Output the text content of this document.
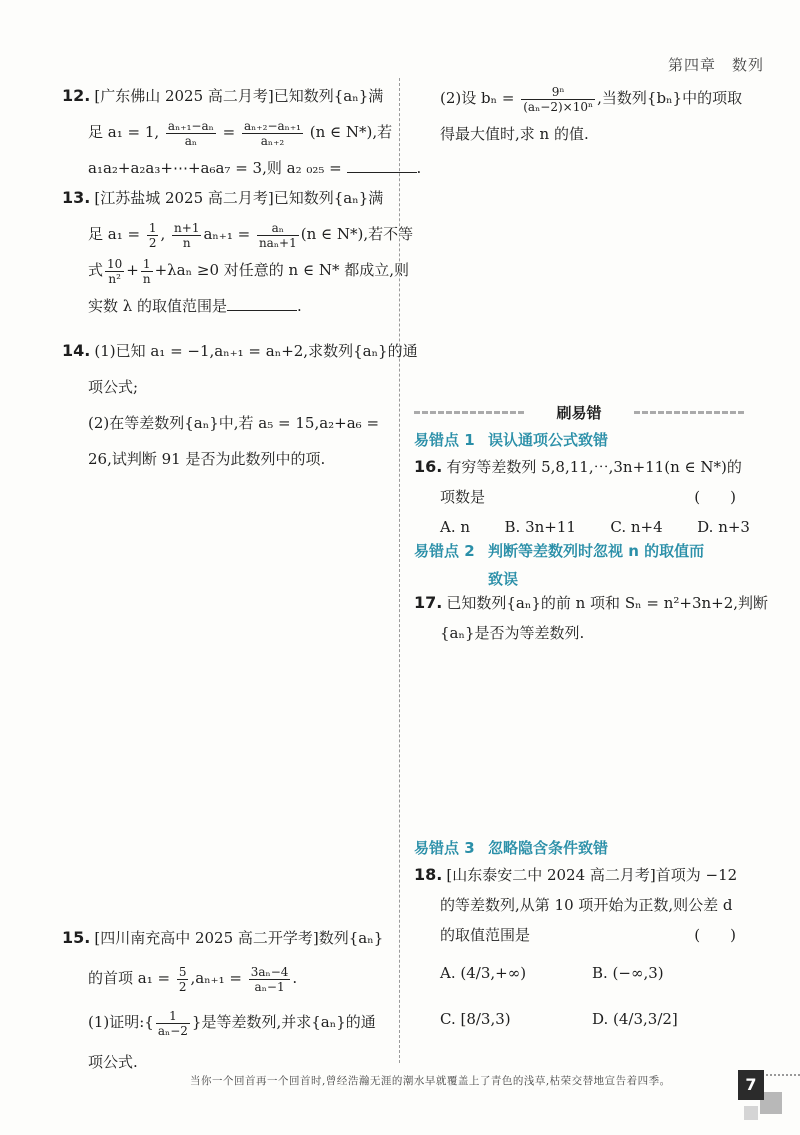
第四章　数列
12. [广东佛山 2025 高二月考]已知数列{aₙ}满
足 a₁ = 1, $\frac{\text{aₙ₊₁−aₙ}}{\text{aₙ}} = \frac{\text{aₙ₊₂−aₙ₊₁}}{\text{aₙ₊₂}} (n$ ∈ N*),若
a₁a₂+a₂a₃+⋯+a₆a₇ = 3,则 a₂ ₀₂₅ =	.
13. [江苏盐城 2025 高二月考]已知数列{aₙ}满
足 $a_1 = \frac{1}{2}$ , $\frac{n+1}{n} a_{n+1} = \frac{\text{aₙ}}{\text{naₙ+1}} (n$ ∈ N*),若不等
式 $\frac{10}{\text{n²}} + \frac{1}{n} +\lambda a_n \ge 0$ 对任意的 n ∈ N* 都成立,则
实数 λ 的取值范围是	.
14. (1)已知 a₁ = −1,aₙ₊₁ = aₙ+2,求数列{aₙ}的通
项公式;
(2)在等差数列{aₙ}中,若 a₅ = 15,a₂+a₆ =
26,试判断 91 是否为此数列中的项.
15. [四川南充高中 2025 高二开学考]数列{aₙ}
的首项 $a_1 = \frac{5}{2} ,a_{n+1} = \frac{\text{3aₙ−4}}{\text{aₙ−1}}$ .
(1)证明:{ $\frac{1}{\text{aₙ−2}}$ }是等差数列,并求{aₙ}的通
项公式.
(2)设 $b_n = \frac{\text{9ⁿ}}{\text{(aₙ−2)×10ⁿ}}$ ,当数列{bₙ}中的项取
得最大值时,求 n 的值.
刷易错
易错点 1 误认通项公式致错
16. 有穷等差数列 5,8,11,⋯,3n+11(n ∈ N*)的
项数是	(　　)
A. n B. 3n+11 C. n+4 D. n+3
易错点 2 判断等差数列时忽视 n 的取值而
致误
17. 已知数列{aₙ}的前 n 项和 Sₙ = n²+3n+2,判断
{aₙ}是否为等差数列.
易错点 3 忽略隐含条件致错
18. [山东泰安二中 2024 高二月考]首项为 −12
的等差数列,从第 10 项开始为正数,则公差 d
的取值范围是	(　　)
A. (4/3,+∞)	B. (−∞,3)
C. [8/3,3)	D. (4/3,3/2]
当你一个回首再一个回首时,曾经浩瀚无涯的潮水早就覆盖上了青色的浅草,枯荣交替地宣告着四季。	7
